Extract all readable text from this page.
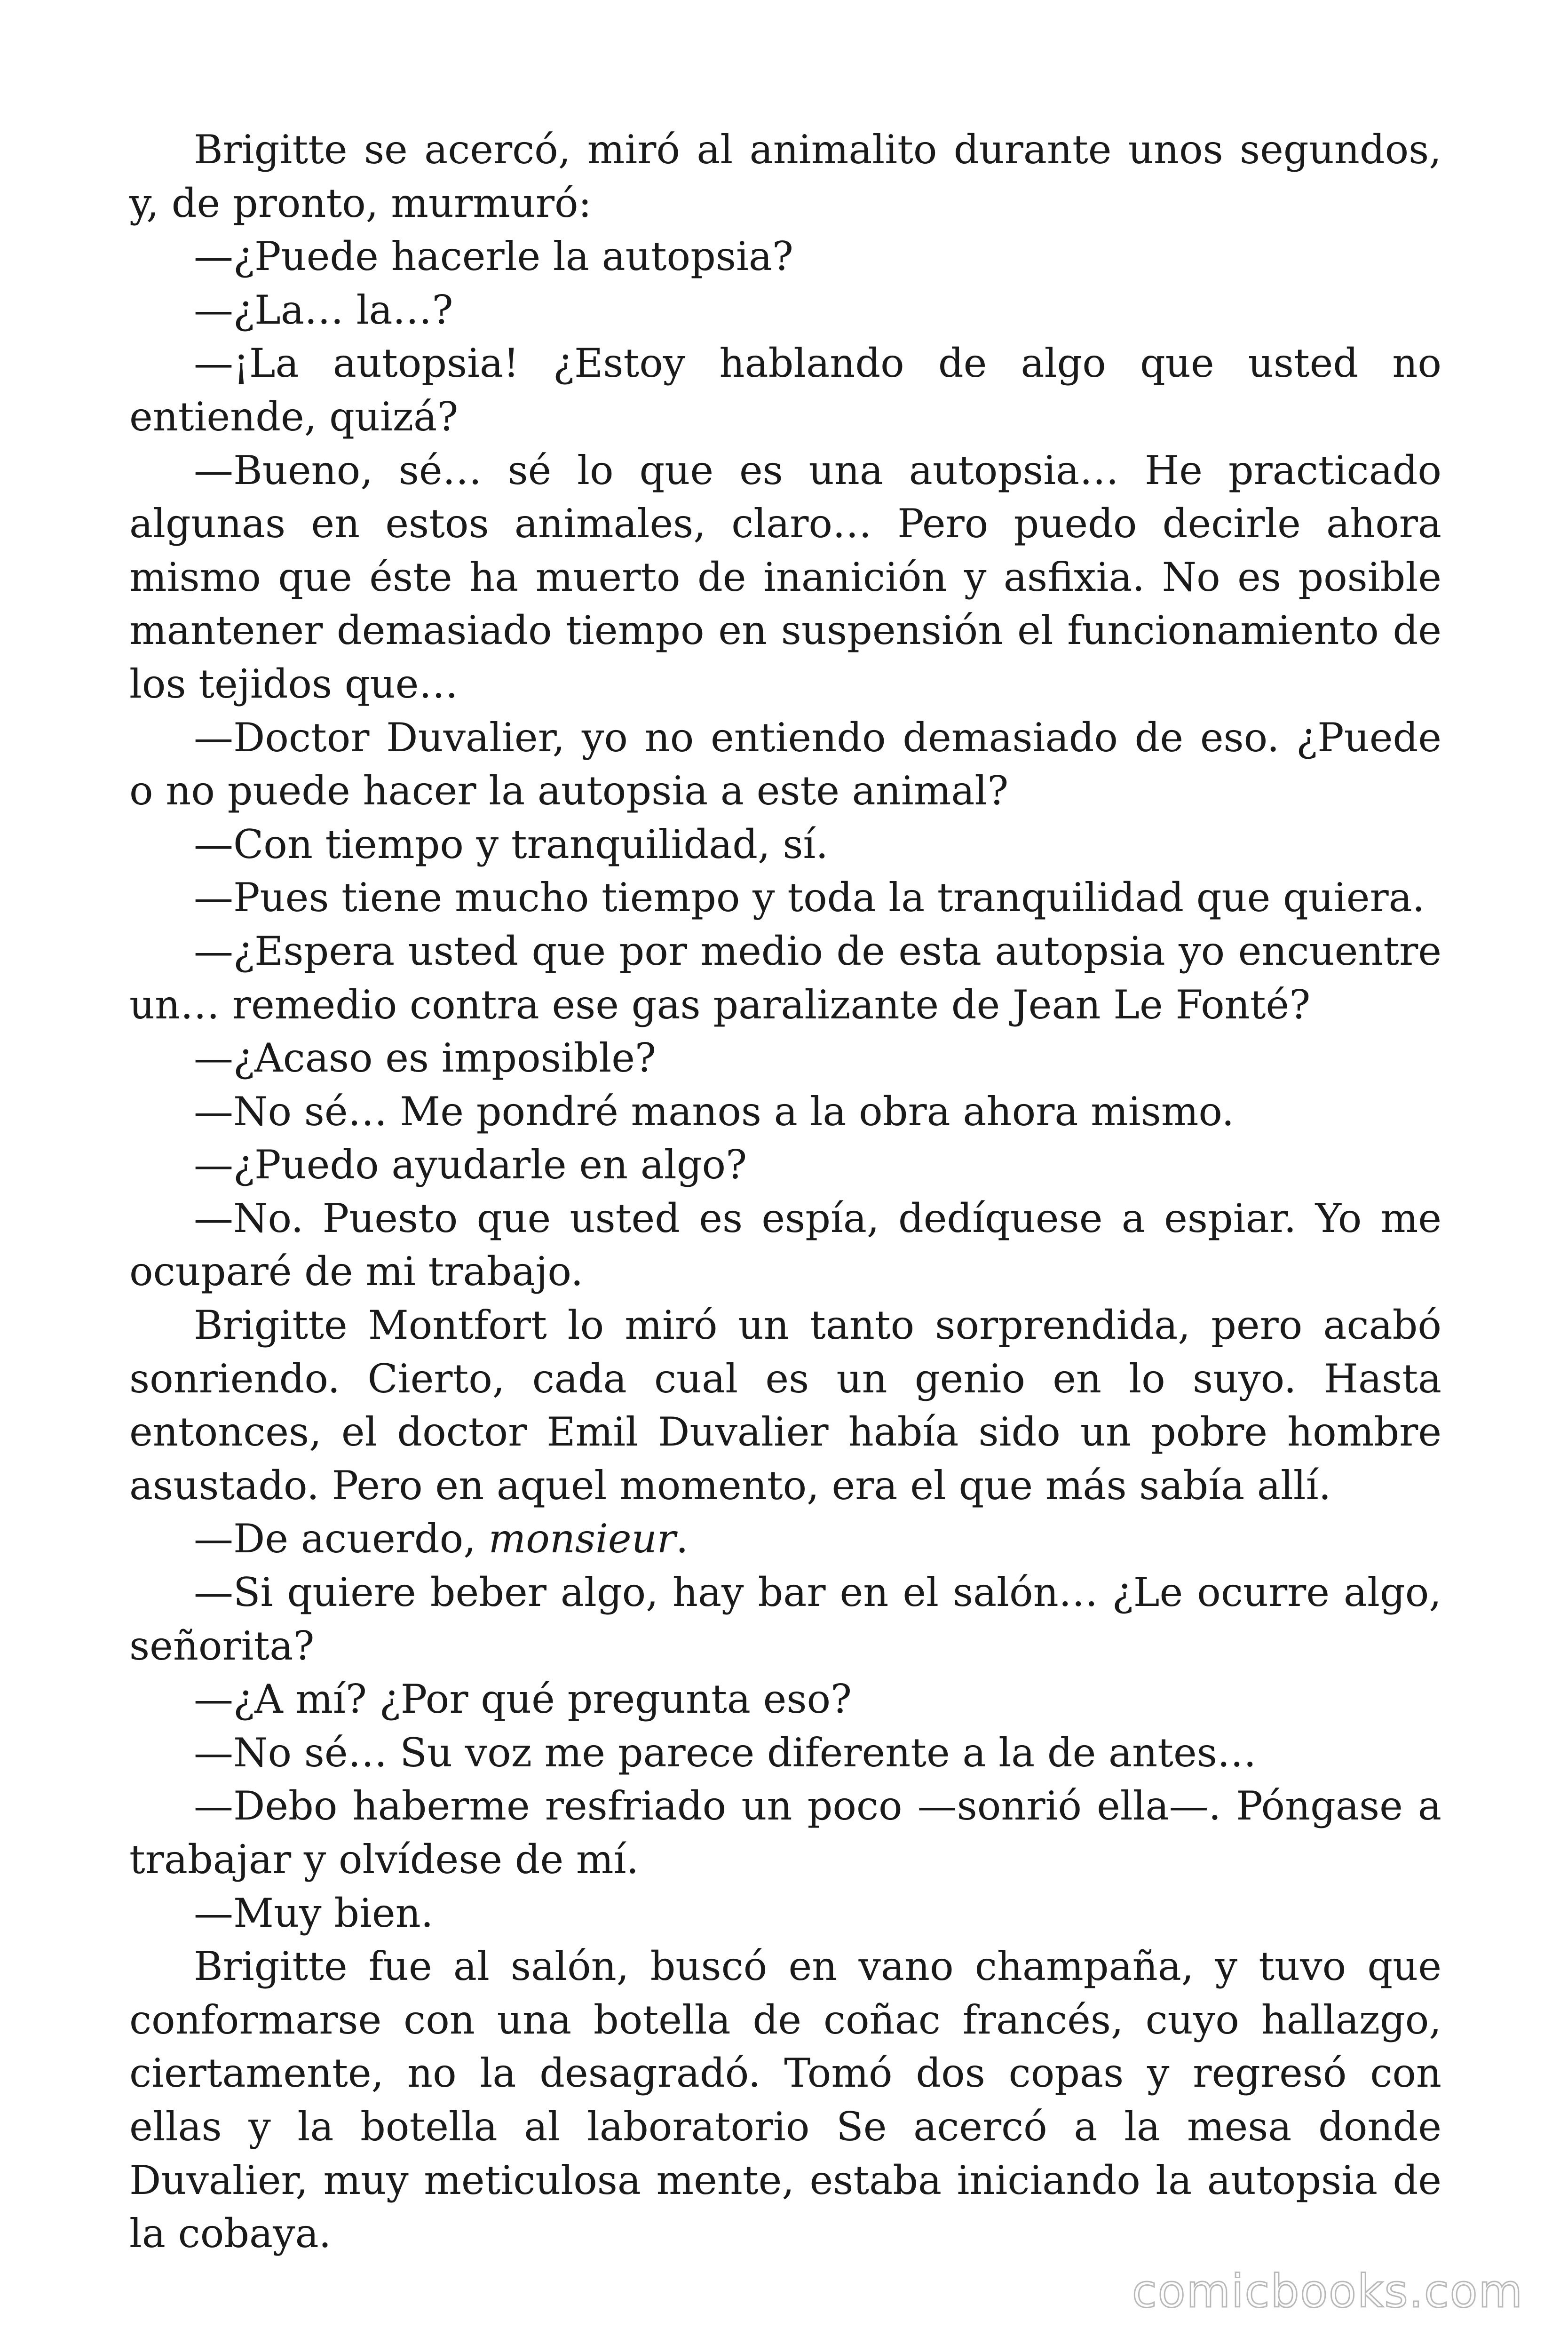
Brigitte se acercó, miró al animalito durante unos segundos, y, de pronto, murmuró:

—¿Puede hacerle la autopsia?

—¿La… la…?

—¡La autopsia! ¿Estoy hablando de algo que usted no entiende, quizá?

—Bueno, sé… sé lo que es una autopsia… He practicado algunas en estos animales, claro… Pero puedo decirle ahora mismo que éste ha muerto de inanición y asfixia. No es posible mantener demasiado tiempo en suspensión el funcionamiento de los tejidos que…

—Doctor Duvalier, yo no entiendo demasiado de eso. ¿Puede o no puede hacer la autopsia a este animal?

—Con tiempo y tranquilidad, sí.

—Pues tiene mucho tiempo y toda la tranquilidad que quiera.

—¿Espera usted que por medio de esta autopsia yo encuentre un… remedio contra ese gas paralizante de Jean Le Fonté?

—¿Acaso es imposible?

—No sé… Me pondré manos a la obra ahora mismo.

—¿Puedo ayudarle en algo?

—No. Puesto que usted es espía, dedíquese a espiar. Yo me ocuparé de mi trabajo.

Brigitte Montfort lo miró un tanto sorprendida, pero acabó sonriendo. Cierto, cada cual es un genio en lo suyo. Hasta entonces, el doctor Emil Duvalier había sido un pobre hombre asustado. Pero en aquel momento, era el que más sabía allí.

—De acuerdo, monsieur.

—Si quiere beber algo, hay bar en el salón… ¿Le ocurre algo, señorita?

—¿A mí? ¿Por qué pregunta eso?

—No sé… Su voz me parece diferente a la de antes…

—Debo haberme resfriado un poco —sonrió ella—. Póngase a trabajar y olvídese de mí.

—Muy bien.

Brigitte fue al salón, buscó en vano champaña, y tuvo que conformarse con una botella de coñac francés, cuyo hallazgo, ciertamente, no la desagradó. Tomó dos copas y regresó con ellas y la botella al laboratorio Se acercó a la mesa donde Duvalier, muy meticulosa mente, estaba iniciando la autopsia de la cobaya.

comicbooks.com
